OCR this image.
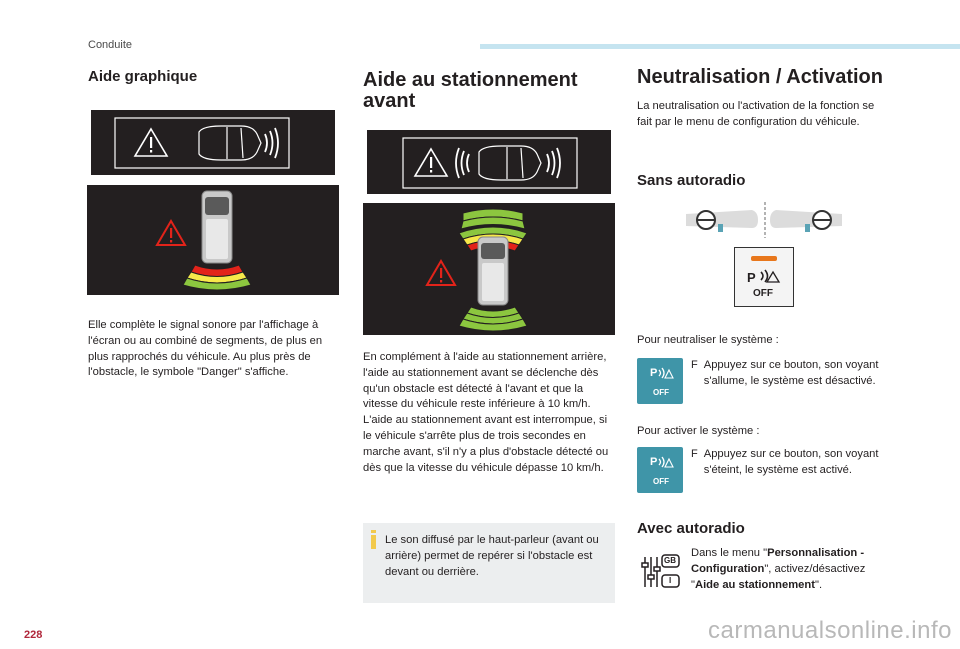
Conduite
Aide graphique
Elle complète le signal sonore par l'affichage à l'écran ou au combiné de segments, de plus en plus rapprochés du véhicule. Au plus près de l'obstacle, le symbole "Danger" s'affiche.
Aide au stationnement avant

En complément à l'aide au stationnement arrière, l'aide au stationnement avant se déclenche dès qu'un obstacle est détecté à l'avant et que la vitesse du véhicule reste inférieure à 10 km/h.

L'aide au stationnement avant est interrompue, si le véhicule s'arrête plus de trois secondes en marche avant, s'il n'y a plus d'obstacle détecté ou dès que la vitesse du véhicule dépasse 10 km/h.

Le son diffusé par le haut-parleur (avant ou arrière) permet de repérer si l'obstacle est devant ou derrière.
Neutralisation / Activation
La neutralisation ou l'activation de la fonction se fait par le menu de configuration du véhicule.
Sans autoradio
P
OFF
Pour neutraliser le système :
P
OFF
F Appuyez sur ce bouton, son voyant s'allume, le système est désactivé.
Pour activer le système :
P
OFF
F Appuyez sur ce bouton, son voyant s'éteint, le système est activé.
Avec autoradio
GB
I
Dans le menu "Personnalisation - Configuration", activez/désactivez "Aide au stationnement".
228	carmanualsonline.info
